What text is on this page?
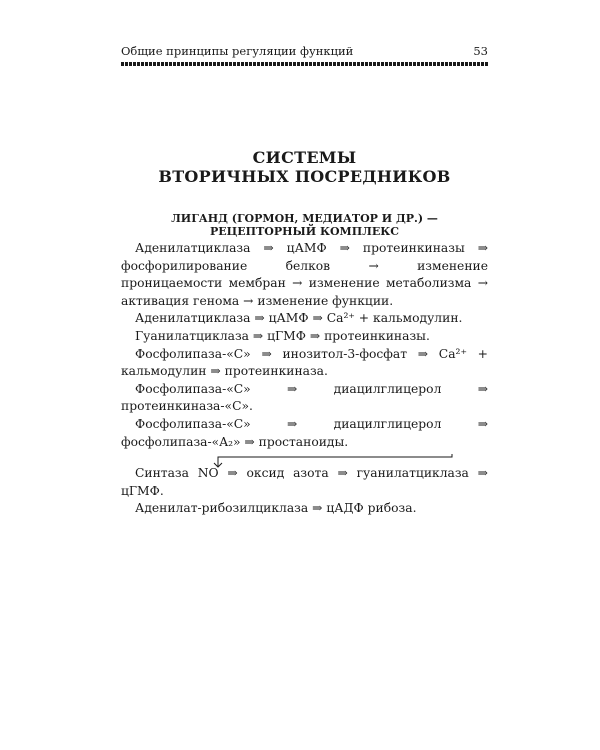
Общие принципы регуляции функций	53
СИСТЕМЫ
ВТОРИЧНЫХ ПОСРЕДНИКОВ
ЛИГАНД (ГОРМОН, МЕДИАТОР И ДР.) —
РЕЦЕПТОРНЫЙ КОМПЛЕКС

Аденилатциклаза ⇒ цАМФ ⇒ протеинкиназы ⇒ фосфорилирование белков → изменение проницаемости мембран → изменение метаболизма → активация генома → изменение функции.

Аденилатциклаза ⇒ цАМФ ⇒ Ca²⁺ + кальмодулин.

Гуанилатциклаза ⇒ цГМФ ⇒ протеинкиназы.

Фосфолипаза-«С» ⇒ инозитол-3-фосфат ⇒ Ca²⁺ + кальмодулин ⇒ протеинкиназа.

Фосфолипаза-«С» ⇒ диацилглицерол ⇒ протеинкиназа-«С».

Фосфолипаза-«С» ⇒ диацилглицерол ⇒ фосфолипаза-«A₂» ⇒ простаноиды.

Синтаза NO ⇒ оксид азота ⇒ гуанилатциклаза ⇒ цГМФ.

Аденилат-рибозилциклаза ⇒ цАДФ рибоза.
